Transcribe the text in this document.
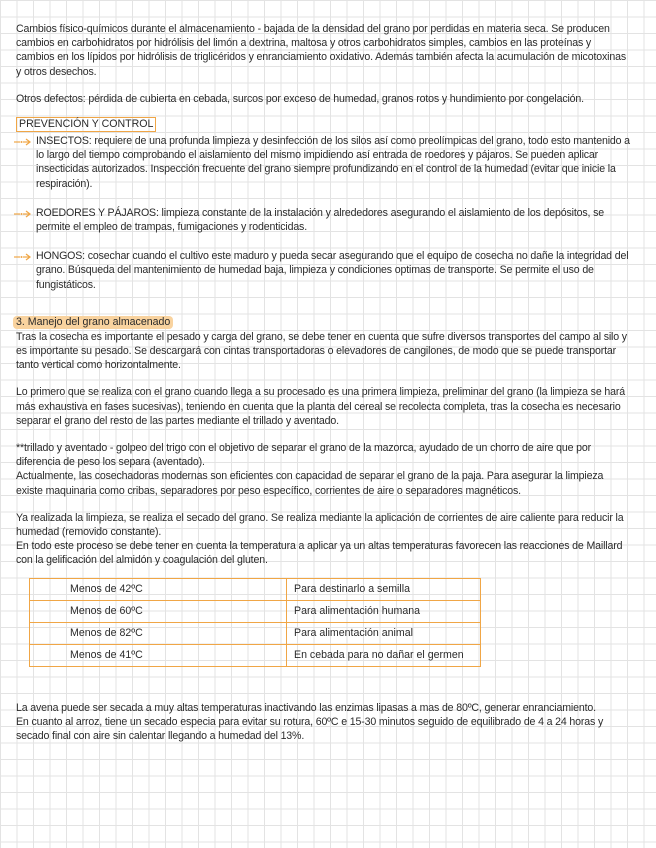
Cambios físico-químicos durante el almacenamiento - bajada de la densidad del grano por perdidas en materia seca. Se producen cambios en carbohidratos por hidrólisis del limón a dextrina, maltosa y otros carbohidratos simples, cambios en las proteínas y cambios en los lípidos por hidrólisis de triglicéridos y enranciamiento oxidativo. Además también afecta la acumulación de micotoxinas y otros desechos.

Otros defectos: pérdida de cubierta en cebada, surcos por exceso de humedad, granos rotos y hundimiento por congelación.

PREVENCIÓN Y CONTROL

INSECTOS: requiere de una profunda limpieza y desinfección de los silos así como preolímpicas del grano, todo esto mantenido a lo largo del tiempo comprobando el aislamiento del mismo impidiendo así entrada de roedores y pájaros. Se pueden aplicar insecticidas autorizados. Inspección frecuente del grano siempre profundizando en el control de la humedad (evitar que inicie la respiración).

ROEDORES Y PÁJAROS: limpieza constante de la instalación y alrededores asegurando el aislamiento de los depósitos, se permite el empleo de trampas, fumigaciones y rodenticidas.

HONGOS: cosechar cuando el cultivo este maduro y pueda secar asegurando que el equipo de cosecha no dañe la integridad del grano. Búsqueda del mantenimiento de humedad baja, limpieza y condiciones optimas de transporte. Se permite el uso de fungistáticos.

3. Manejo del grano almacenado

Tras la cosecha es importante el pesado y carga del grano, se debe tener en cuenta que sufre diversos transportes del campo al silo y es importante su pesado. Se descargará con cintas transportadoras o elevadores de cangilones, de modo que se puede transportar tanto vertical como horizontalmente.

Lo primero que se realiza con el grano cuando llega a su procesado es una primera limpieza, preliminar del grano (la limpieza se hará más exhaustiva en fases sucesivas), teniendo en cuenta que la planta del cereal se recolecta completa, tras la cosecha es necesario separar el grano del resto de las partes mediante el trillado y aventado.

**trillado y aventado - golpeo del trigo con el objetivo de separar el grano de la mazorca, ayudado de un chorro de aire que por diferencia de peso los separa (aventado).

Actualmente, las cosechadoras modernas son eficientes con capacidad de separar el grano de la paja. Para asegurar la limpieza existe maquinaria como cribas, separadores por peso específico, corrientes de aire o separadores magnéticos.

Ya realizada la limpieza, se realiza el secado del grano. Se realiza mediante la aplicación de corrientes de aire caliente para reducir la humedad (removido constante).

En todo este proceso se debe tener en cuenta la temperatura a aplicar ya un altas temperaturas favorecen las reacciones de Maillard con la gelificación del almidón y coagulación del gluten.

Menos de 42ºC	Para destinarlo a semilla
Menos de 60ºC	Para alimentación humana
Menos de 82ºC	Para alimentación animal
Menos de 41ºC	En cebada para no dañar el germen

La avena puede ser secada a muy altas temperaturas inactivando las enzimas lipasas a mas de 80ºC, generar enranciamiento.

En cuanto al arroz, tiene un secado especia para evitar su rotura, 60ºC e 15-30 minutos seguido de equilibrado de 4 a 24 horas y secado final con aire sin calentar llegando a humedad del 13%.
